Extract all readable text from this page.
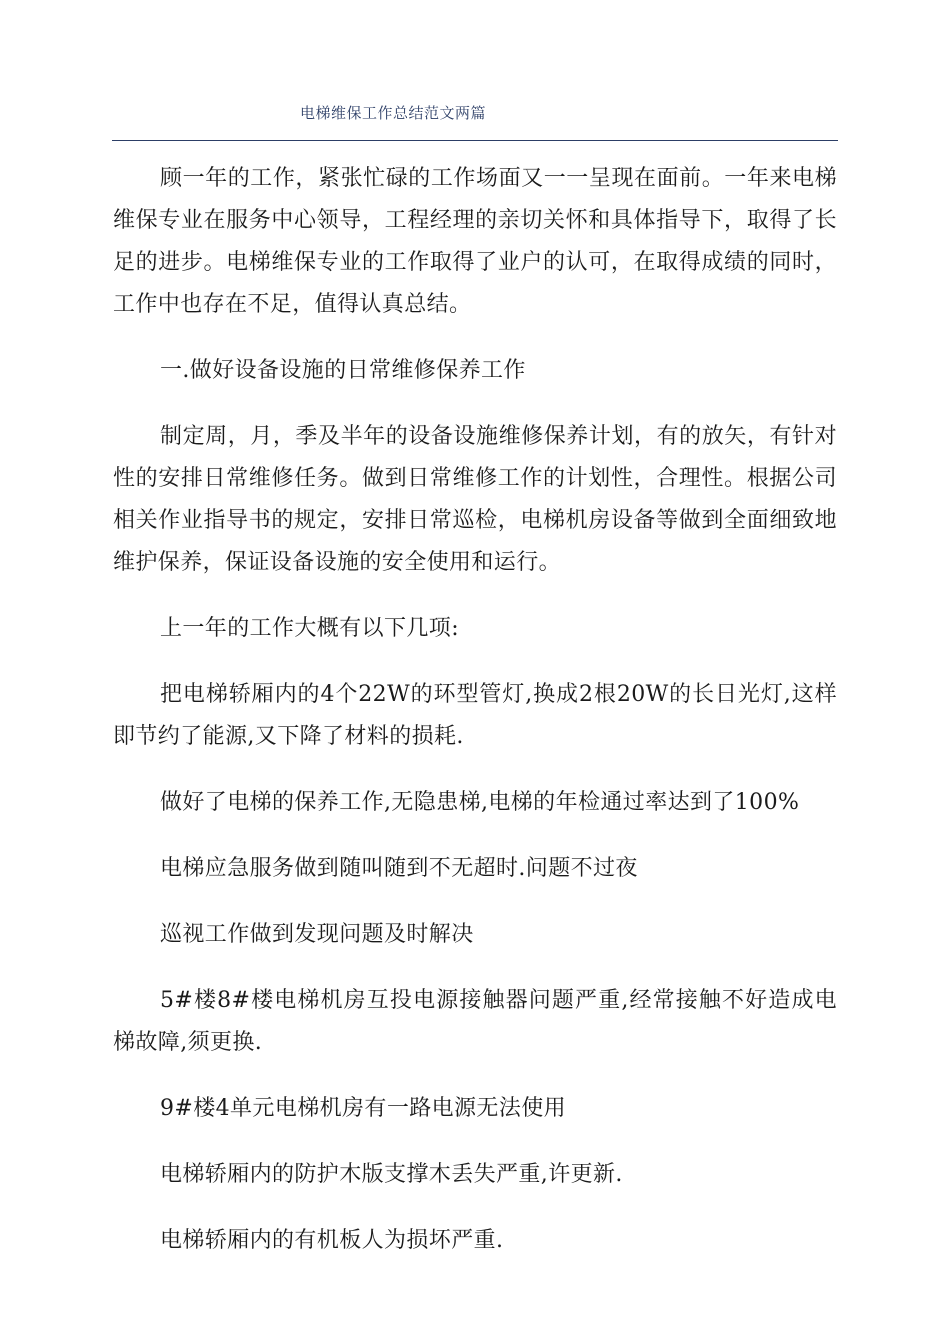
电梯维保工作总结范文两篇

顾一年的工作，紧张忙碌的工作场面又一一呈现在面前。一年来电梯维保专业在服务中心领导，工程经理的亲切关怀和具体指导下，取得了长足的进步。电梯维保专业的工作取得了业户的认可，在取得成绩的同时，工作中也存在不足，值得认真总结。

一.做好设备设施的日常维修保养工作

制定周，月，季及半年的设备设施维修保养计划，有的放矢，有针对性的安排日常维修任务。做到日常维修工作的计划性，合理性。根据公司相关作业指导书的规定，安排日常巡检，电梯机房设备等做到全面细致地维护保养，保证设备设施的安全使用和运行。

上一年的工作大概有以下几项:

把电梯轿厢内的4个22W的环型管灯,换成2根20W的长日光灯,这样即节约了能源,又下降了材料的损耗.

做好了电梯的保养工作,无隐患梯,电梯的年检通过率达到了100%

电梯应急服务做到随叫随到不无超时.问题不过夜

巡视工作做到发现问题及时解决

5#楼8#楼电梯机房互投电源接触器问题严重,经常接触不好造成电梯故障,须更换.

9#楼4单元电梯机房有一路电源无法使用

电梯轿厢内的防护木版支撑木丢失严重,许更新.

电梯轿厢内的有机板人为损坏严重.
